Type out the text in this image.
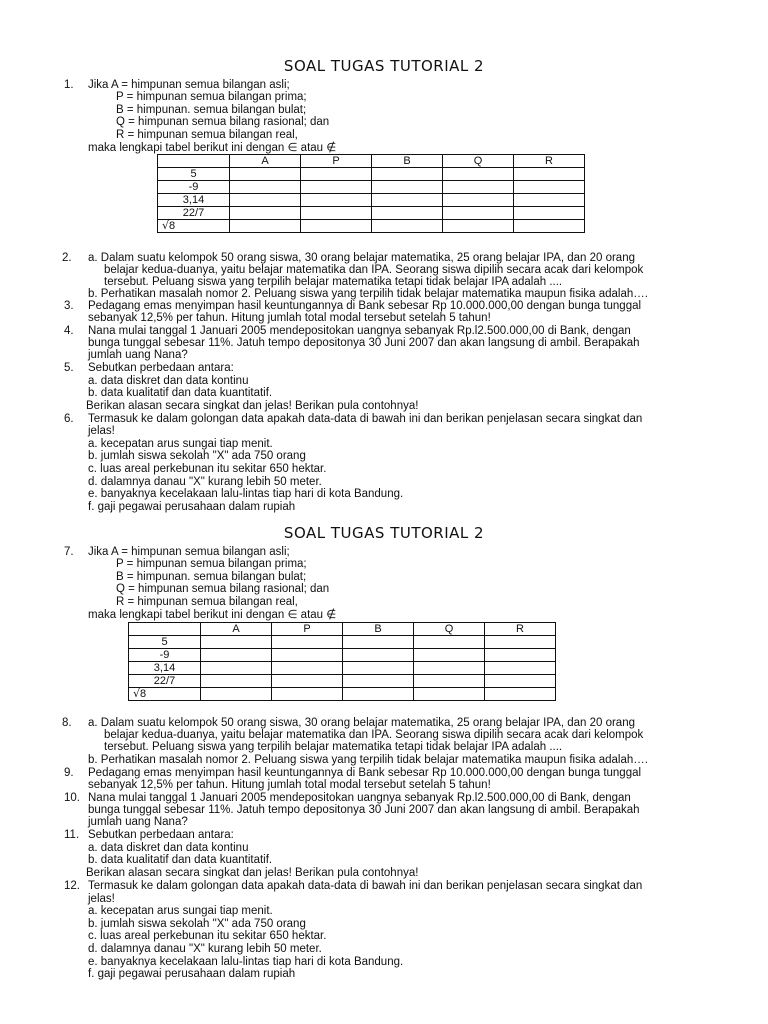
SOAL TUGAS TUTORIAL 2
1. Jika A = himpunan semua bilangan asli;
P = himpunan semua bilangan prima;
B = himpunan. semua bilangan bulat;
Q = himpunan semua bilang rasional; dan
R = himpunan semua bilangan real,
maka lengkapi tabel berikut ini dengan ∈ atau ∉
	A	P	B	Q	R
5					
-9					
3,14					
22/7					
√8					
2. a. Dalam suatu kelompok 50 orang siswa, 30 orang belajar matematika, 25 orang belajar IPA, dan 20 orang
belajar kedua-duanya, yaitu belajar matematika dan IPA. Seorang siswa dipilih secara acak dari kelompok
tersebut. Peluang siswa yang terpilih belajar matematika tetapi tidak belajar IPA adalah ....
b. Perhatikan masalah nomor 2. Peluang siswa yang terpilih tidak belajar matematika maupun fisika adalah….
3. Pedagang emas menyimpan hasil keuntungannya di Bank sebesar Rp 10.000.000,00 dengan bunga tunggal
sebanyak 12,5% per tahun. Hitung jumlah total modal tersebut setelah 5 tahun!
4. Nana mulai tanggal 1 Januari 2005 mendepositokan uangnya sebanyak Rp.l2.500.000,00 di Bank, dengan
bunga tunggal sebesar 11%. Jatuh tempo depositonya 30 Juni 2007 dan akan langsung di ambil. Berapakah
jumlah uang Nana?
5. Sebutkan perbedaan antara:
a. data diskret dan data kontinu
b. data kualitatif dan data kuantitatif.
Berikan alasan secara singkat dan jelas! Berikan pula contohnya!
6. Termasuk ke dalam golongan data apakah data-data di bawah ini dan berikan penjelasan secara singkat dan
jelas!
a. kecepatan arus sungai tiap menit.
b. jumlah siswa sekolah "X" ada 750 orang
c. luas areal perkebunan itu sekitar 650 hektar.
d. dalamnya danau "X" kurang lebih 50 meter.
e. banyaknya kecelakaan lalu-lintas tiap hari di kota Bandung.
f. gaji pegawai perusahaan dalam rupiah
SOAL TUGAS TUTORIAL 2
7. Jika A = himpunan semua bilangan asli;
P = himpunan semua bilangan prima;
B = himpunan. semua bilangan bulat;
Q = himpunan semua bilang rasional; dan
R = himpunan semua bilangan real,
maka lengkapi tabel berikut ini dengan ∈ atau ∉
	A	P	B	Q	R
5					
-9					
3,14					
22/7					
√8					
8. a. Dalam suatu kelompok 50 orang siswa, 30 orang belajar matematika, 25 orang belajar IPA, dan 20 orang
belajar kedua-duanya, yaitu belajar matematika dan IPA. Seorang siswa dipilih secara acak dari kelompok
tersebut. Peluang siswa yang terpilih belajar matematika tetapi tidak belajar IPA adalah ....
b. Perhatikan masalah nomor 2. Peluang siswa yang terpilih tidak belajar matematika maupun fisika adalah….
9. Pedagang emas menyimpan hasil keuntungannya di Bank sebesar Rp 10.000.000,00 dengan bunga tunggal
sebanyak 12,5% per tahun. Hitung jumlah total modal tersebut setelah 5 tahun!
10. Nana mulai tanggal 1 Januari 2005 mendepositokan uangnya sebanyak Rp.l2.500.000,00 di Bank, dengan
bunga tunggal sebesar 11%. Jatuh tempo depositonya 30 Juni 2007 dan akan langsung di ambil. Berapakah
jumlah uang Nana?
11. Sebutkan perbedaan antara:
a. data diskret dan data kontinu
b. data kualitatif dan data kuantitatif.
Berikan alasan secara singkat dan jelas! Berikan pula contohnya!
12. Termasuk ke dalam golongan data apakah data-data di bawah ini dan berikan penjelasan secara singkat dan
jelas!
a. kecepatan arus sungai tiap menit.
b. jumlah siswa sekolah "X" ada 750 orang
c. luas areal perkebunan itu sekitar 650 hektar.
d. dalamnya danau "X" kurang lebih 50 meter.
e. banyaknya kecelakaan lalu-lintas tiap hari di kota Bandung.
f. gaji pegawai perusahaan dalam rupiah
